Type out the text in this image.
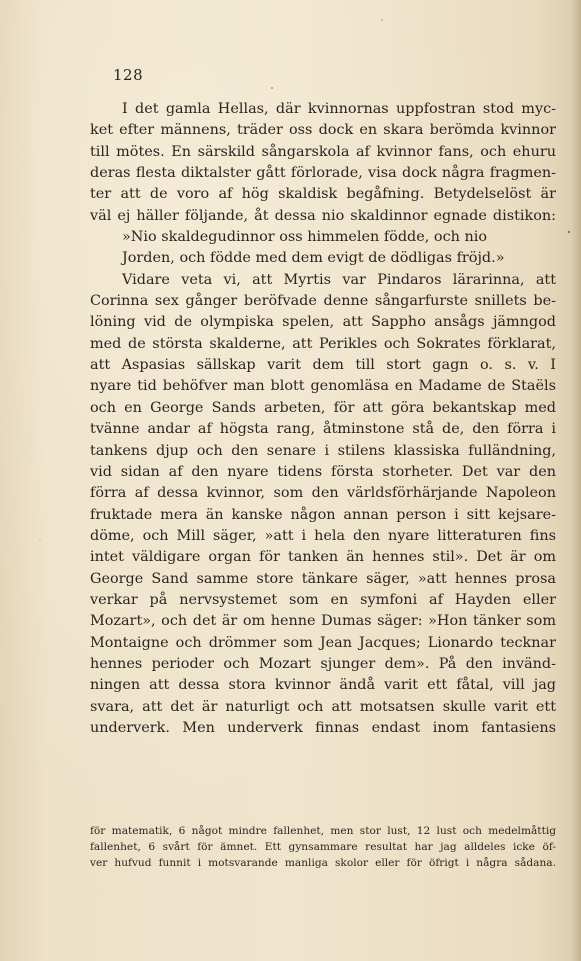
128
I det gamla Hellas, där kvinnornas uppfostran stod myc-
ket efter männens, träder oss dock en skara berömda kvinnor
till mötes. En särskild sångarskola af kvinnor fans, och ehuru
deras flesta diktalster gått förlorade, visa dock några fragmen-
ter att de voro af hög skaldisk begåfning. Betydelselöst är
väl ej häller följande, åt dessa nio skaldinnor egnade distikon:
»Nio skaldegudinnor oss himmelen födde, och nio
Jorden, och födde med dem evigt de dödligas fröjd.»
Vidare veta vi, att Myrtis var Pindaros lärarinna, att
Corinna sex gånger beröfvade denne sångarfurste snillets be-
löning vid de olympiska spelen, att Sappho ansågs jämngod
med de största skalderne, att Perikles och Sokrates förklarat,
att Aspasias sällskap varit dem till stort gagn o. s. v. I
nyare tid behöfver man blott genomläsa en Madame de Staëls
och en George Sands arbeten, för att göra bekantskap med
tvänne andar af högsta rang, åtminstone stå de, den förra i
tankens djup och den senare i stilens klassiska fulländning,
vid sidan af den nyare tidens första storheter. Det var den
förra af dessa kvinnor, som den världsförhärjande Napoleon
fruktade mera än kanske någon annan person i sitt kejsare-
döme, och Mill säger, »att i hela den nyare litteraturen fins
intet väldigare organ för tanken än hennes stil». Det är om
George Sand samme store tänkare säger, »att hennes prosa
verkar på nervsystemet som en symfoni af Hayden eller
Mozart», och det är om henne Dumas säger: »Hon tänker som
Montaigne och drömmer som Jean Jacques; Lionardo tecknar
hennes perioder och Mozart sjunger dem». På den invänd-
ningen att dessa stora kvinnor ändå varit ett fåtal, vill jag
svara, att det är naturligt och att motsatsen skulle varit ett
underverk. Men underverk finnas endast inom fantasiens
för matematik, 6 något mindre fallenhet, men stor lust, 12 lust och medelmåttig
fallenhet, 6 svårt för ämnet. Ett gynsammare resultat har jag alldeles icke öf-
ver hufvud funnit i motsvarande manliga skolor eller för öfrigt i några sådana.
